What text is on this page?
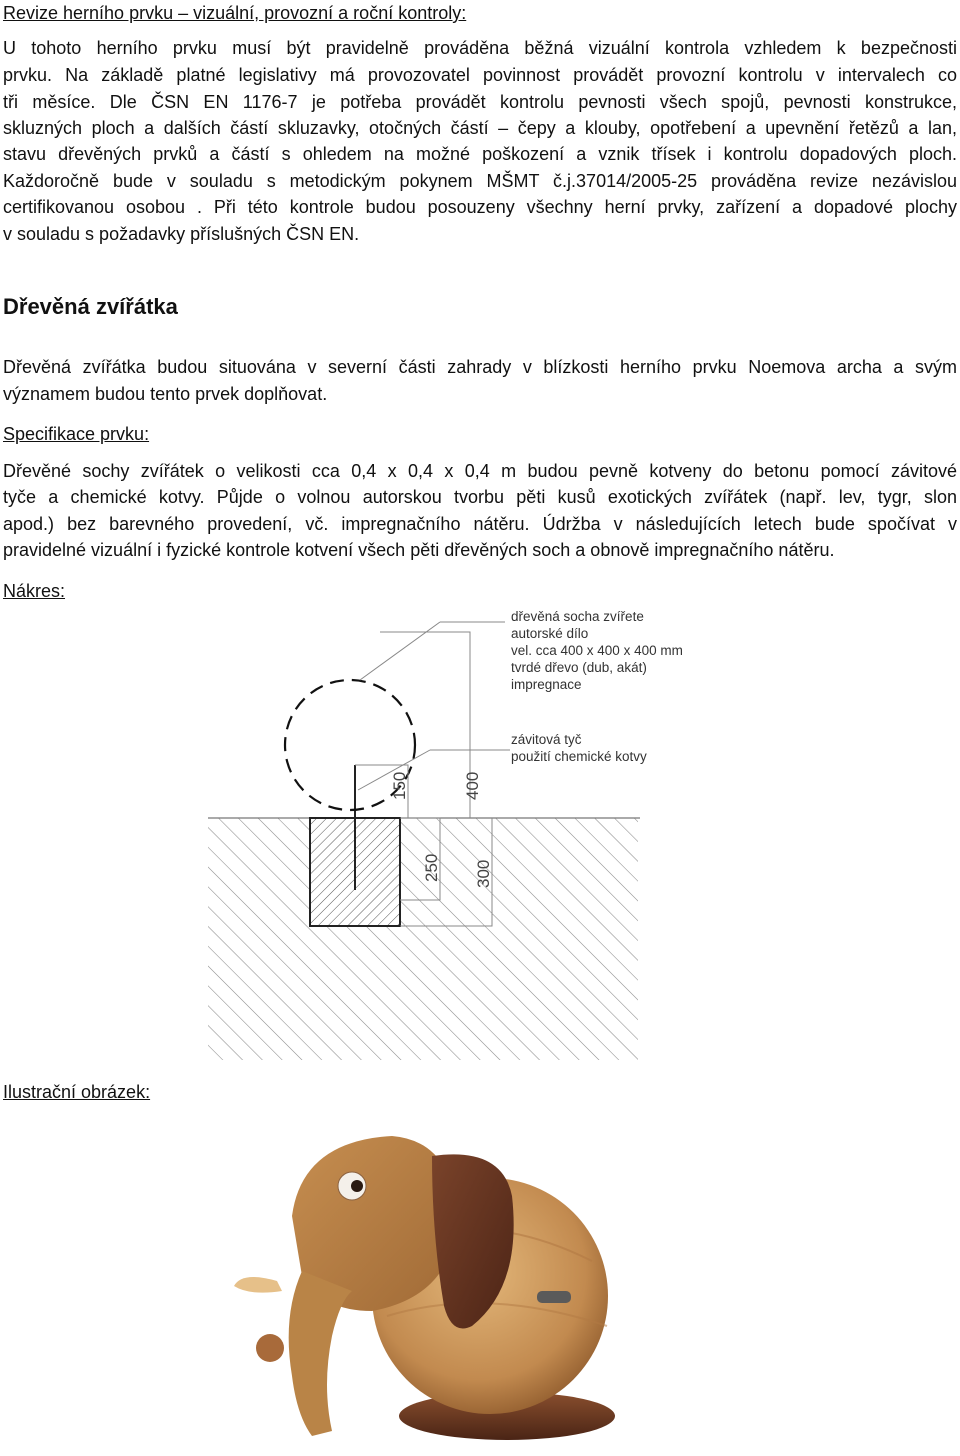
Revize herního prvku – vizuální, provozní a roční kontroly:
U tohoto herního prvku musí být pravidelně prováděna běžná vizuální kontrola vzhledem k bezpečnosti
prvku. Na základě platné legislativy má provozovatel povinnost provádět provozní kontrolu v intervalech co
tři měsíce. Dle ČSN EN 1176-7 je potřeba provádět kontrolu pevnosti všech spojů, pevnosti konstrukce,
skluzných ploch a dalších částí skluzavky, otočných částí – čepy a klouby, opotřebení a upevnění řetězů a lan,
stavu dřevěných prvků a částí s ohledem na možné poškození a vznik třísek i kontrolu dopadových ploch.
Každoročně bude v souladu s metodickým pokynem MŠMT č.j.37014/2005-25 prováděna revize nezávislou
certifikovanou osobou . Při této kontrole budou posouzeny všechny herní prvky, zařízení a dopadové plochy
v souladu s požadavky příslušných ČSN EN.
Dřevěná zvířátka
Dřevěná zvířátka budou situována v severní části zahrady v blízkosti herního prvku Noemova archa a svým
významem budou tento prvek doplňovat.
Specifikace prvku:
Dřevěné sochy zvířátek o velikosti cca 0,4 x 0,4 x 0,4 m budou pevně kotveny do betonu pomocí závitové
tyče a chemické kotvy. Půjde o volnou autorskou tvorbu pěti kusů exotických zvířátek (např. lev, tygr, slon
apod.) bez barevného provedení, vč. impregnačního nátěru. Údržba v následujících letech bude spočívat v
pravidelné vizuální i fyzické kontrole kotvení všech pěti dřevěných soch a obnově impregnačního nátěru.
Nákres:
150	400
250 300
dřevěná socha zvířete
autorské dílo
vel. cca 400 x 400 x 400 mm
tvrdé dřevo (dub, akát)
impregnace
závitová tyč
použití chemické kotvy
Ilustrační obrázek:
